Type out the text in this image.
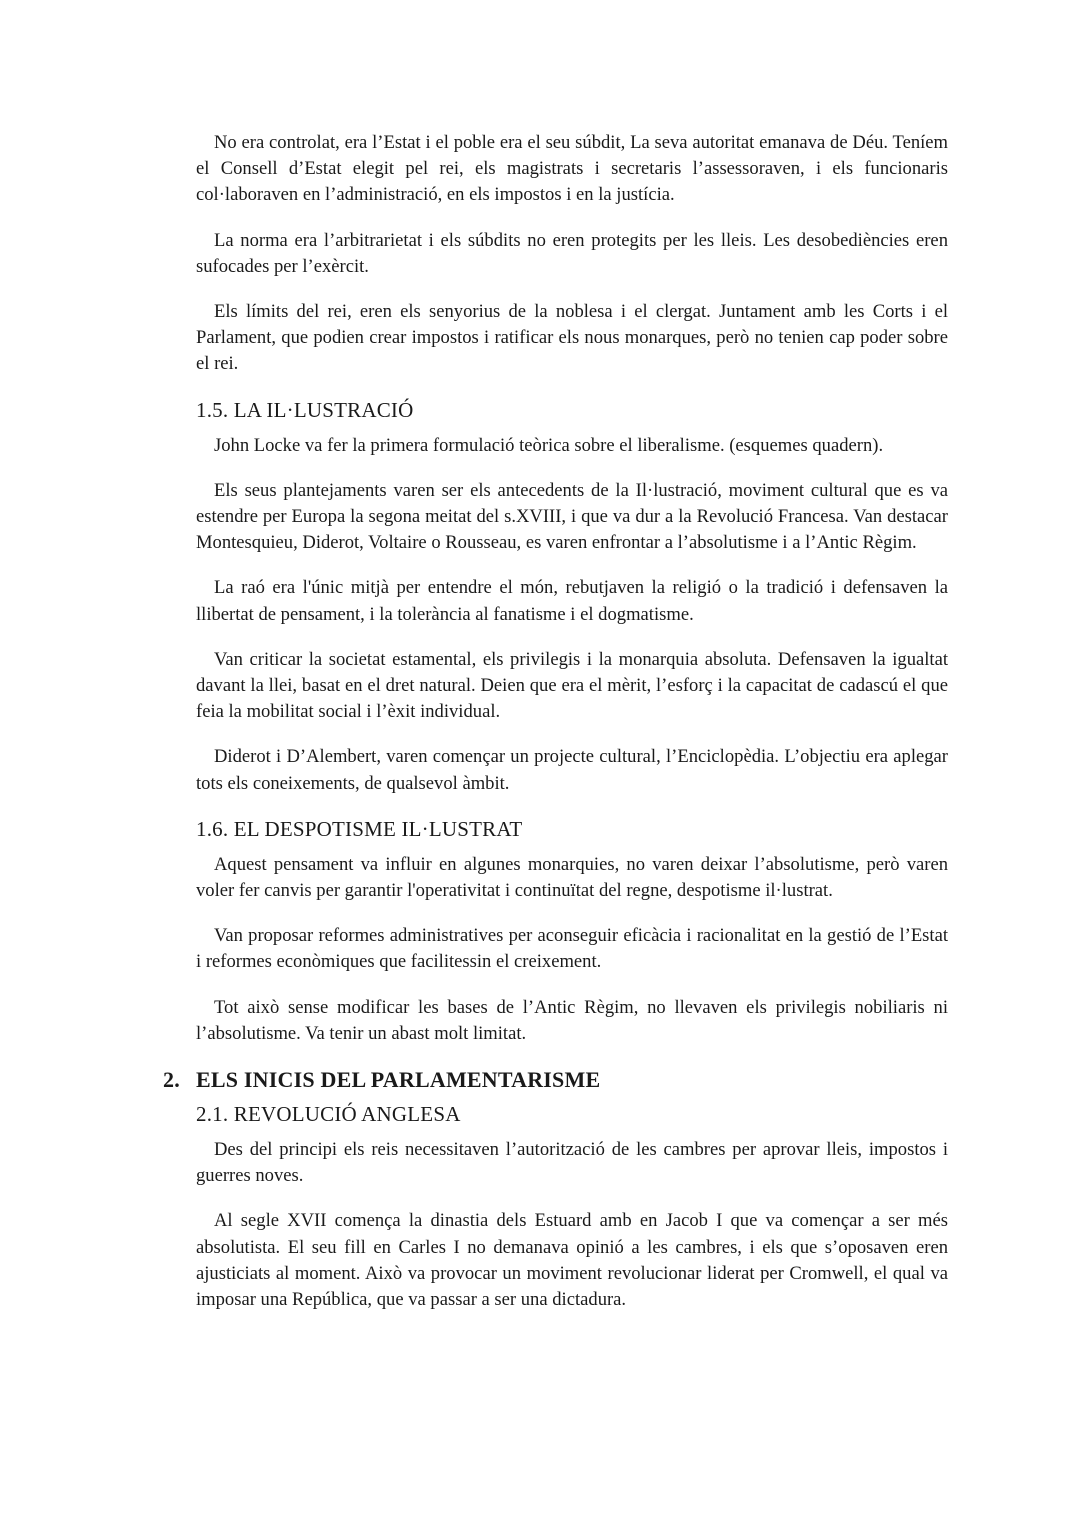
No era controlat, era l’Estat i el poble era el seu súbdit, La seva autoritat emanava de Déu. Teníem el Consell d’Estat elegit pel rei, els magistrats i secretaris l’assessoraven, i els funcionaris col·laboraven en l’administració, en els impostos i en la justícia.

La norma era l’arbitrarietat i els súbdits no eren protegits per les lleis. Les desobediències eren sufocades per l’exèrcit.

Els límits del rei, eren els senyorius de la noblesa i el clergat. Juntament amb les Corts i el Parlament, que podien crear impostos i ratificar els nous monarques, però no tenien cap poder sobre el rei.

1.5. LA IL·LUSTRACIÓ

John Locke va fer la primera formulació teòrica sobre el liberalisme. (esquemes quadern).

Els seus plantejaments varen ser els antecedents de la Il·lustració, moviment cultural que es va estendre per Europa la segona meitat del s.XVIII, i que va dur a la Revolució Francesa. Van destacar Montesquieu, Diderot, Voltaire o Rousseau, es varen enfrontar a l’absolutisme i a l’Antic Règim.

La raó era l'únic mitjà per entendre el món, rebutjaven la religió o la tradició i defensaven la llibertat de pensament, i la tolerància al fanatisme i el dogmatisme.

Van criticar la societat estamental, els privilegis i la monarquia absoluta. Defensaven la igualtat davant la llei, basat en el dret natural. Deien que era el mèrit, l’esforç i la capacitat de cadascú el que feia la mobilitat social i l’èxit individual.

Diderot i D’Alembert, varen començar un projecte cultural, l’Enciclopèdia. L’objectiu era aplegar tots els coneixements, de qualsevol àmbit.

1.6. EL DESPOTISME IL·LUSTRAT

Aquest pensament va influir en algunes monarquies, no varen deixar l’absolutisme, però varen voler fer canvis per garantir l'operativitat i continuïtat del regne, despotisme il·lustrat.

Van proposar reformes administratives per aconseguir eficàcia i racionalitat en la gestió de l’Estat i reformes econòmiques que facilitessin el creixement.

Tot això sense modificar les bases de l’Antic Règim, no llevaven els privilegis nobiliaris ni l’absolutisme. Va tenir un abast molt limitat.

2. ELS INICIS DEL PARLAMENTARISME
2.1. REVOLUCIÓ ANGLESA

Des del principi els reis necessitaven l’autorització de les cambres per aprovar lleis, impostos i guerres noves.

Al segle XVII comença la dinastia dels Estuard amb en Jacob I que va començar a ser més absolutista. El seu fill en Carles I no demanava opinió a les cambres, i els que s’oposaven eren ajusticiats al moment. Això va provocar un moviment revolucionar liderat per Cromwell, el qual va imposar una República, que va passar a ser una dictadura.
